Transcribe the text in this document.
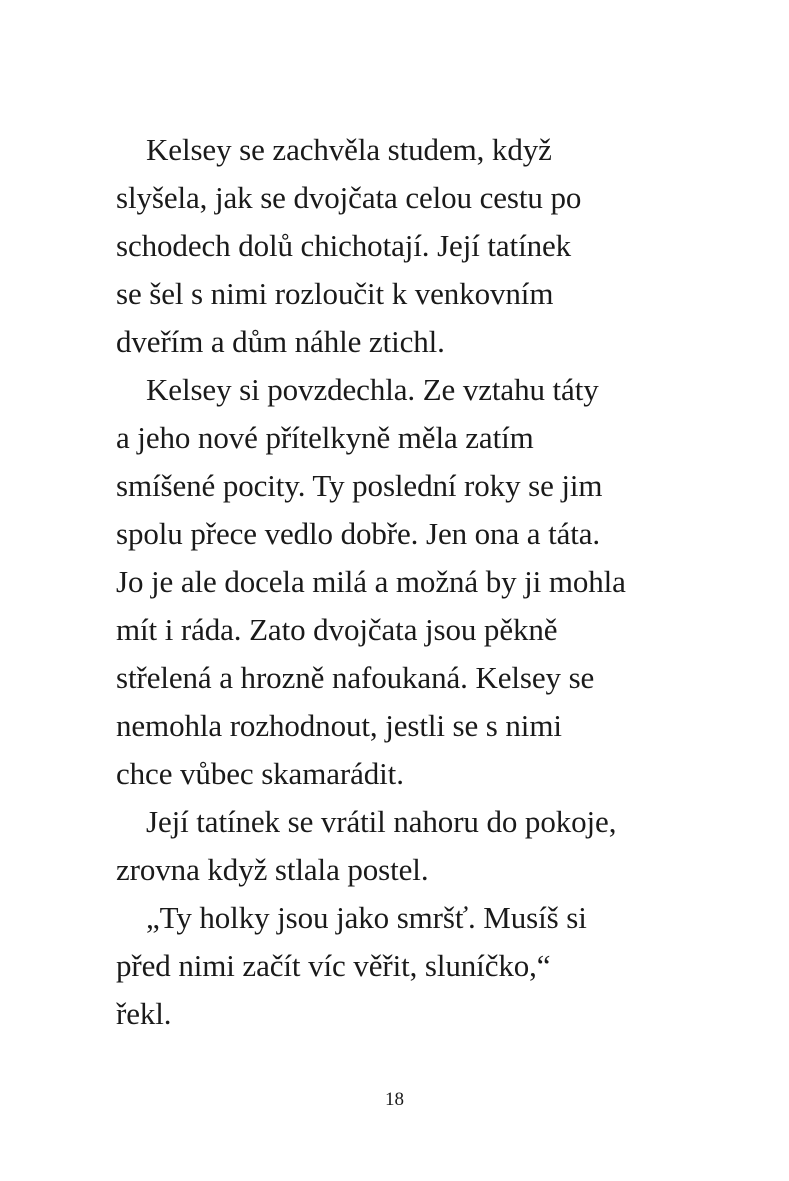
Kelsey se zachvěla studem, když
slyšela, jak se dvojčata celou cestu po
schodech dolů chichotají. Její tatínek
se šel s nimi rozloučit k venkovním
dveřím a dům náhle ztichl.
Kelsey si povzdechla. Ze vztahu táty
a jeho nové přítelkyně měla zatím
smíšené pocity. Ty poslední roky se jim
spolu přece vedlo dobře. Jen ona a táta.
Jo je ale docela milá a možná by ji mohla
mít i ráda. Zato dvojčata jsou pěkně
střelená a hrozně nafoukaná. Kelsey se
nemohla rozhodnout, jestli se s nimi
chce vůbec skamarádit.
Její tatínek se vrátil nahoru do pokoje,
zrovna když stlala postel.
„Ty holky jsou jako smršť. Musíš si
před nimi začít víc věřit, sluníčko,“
řekl.
18
